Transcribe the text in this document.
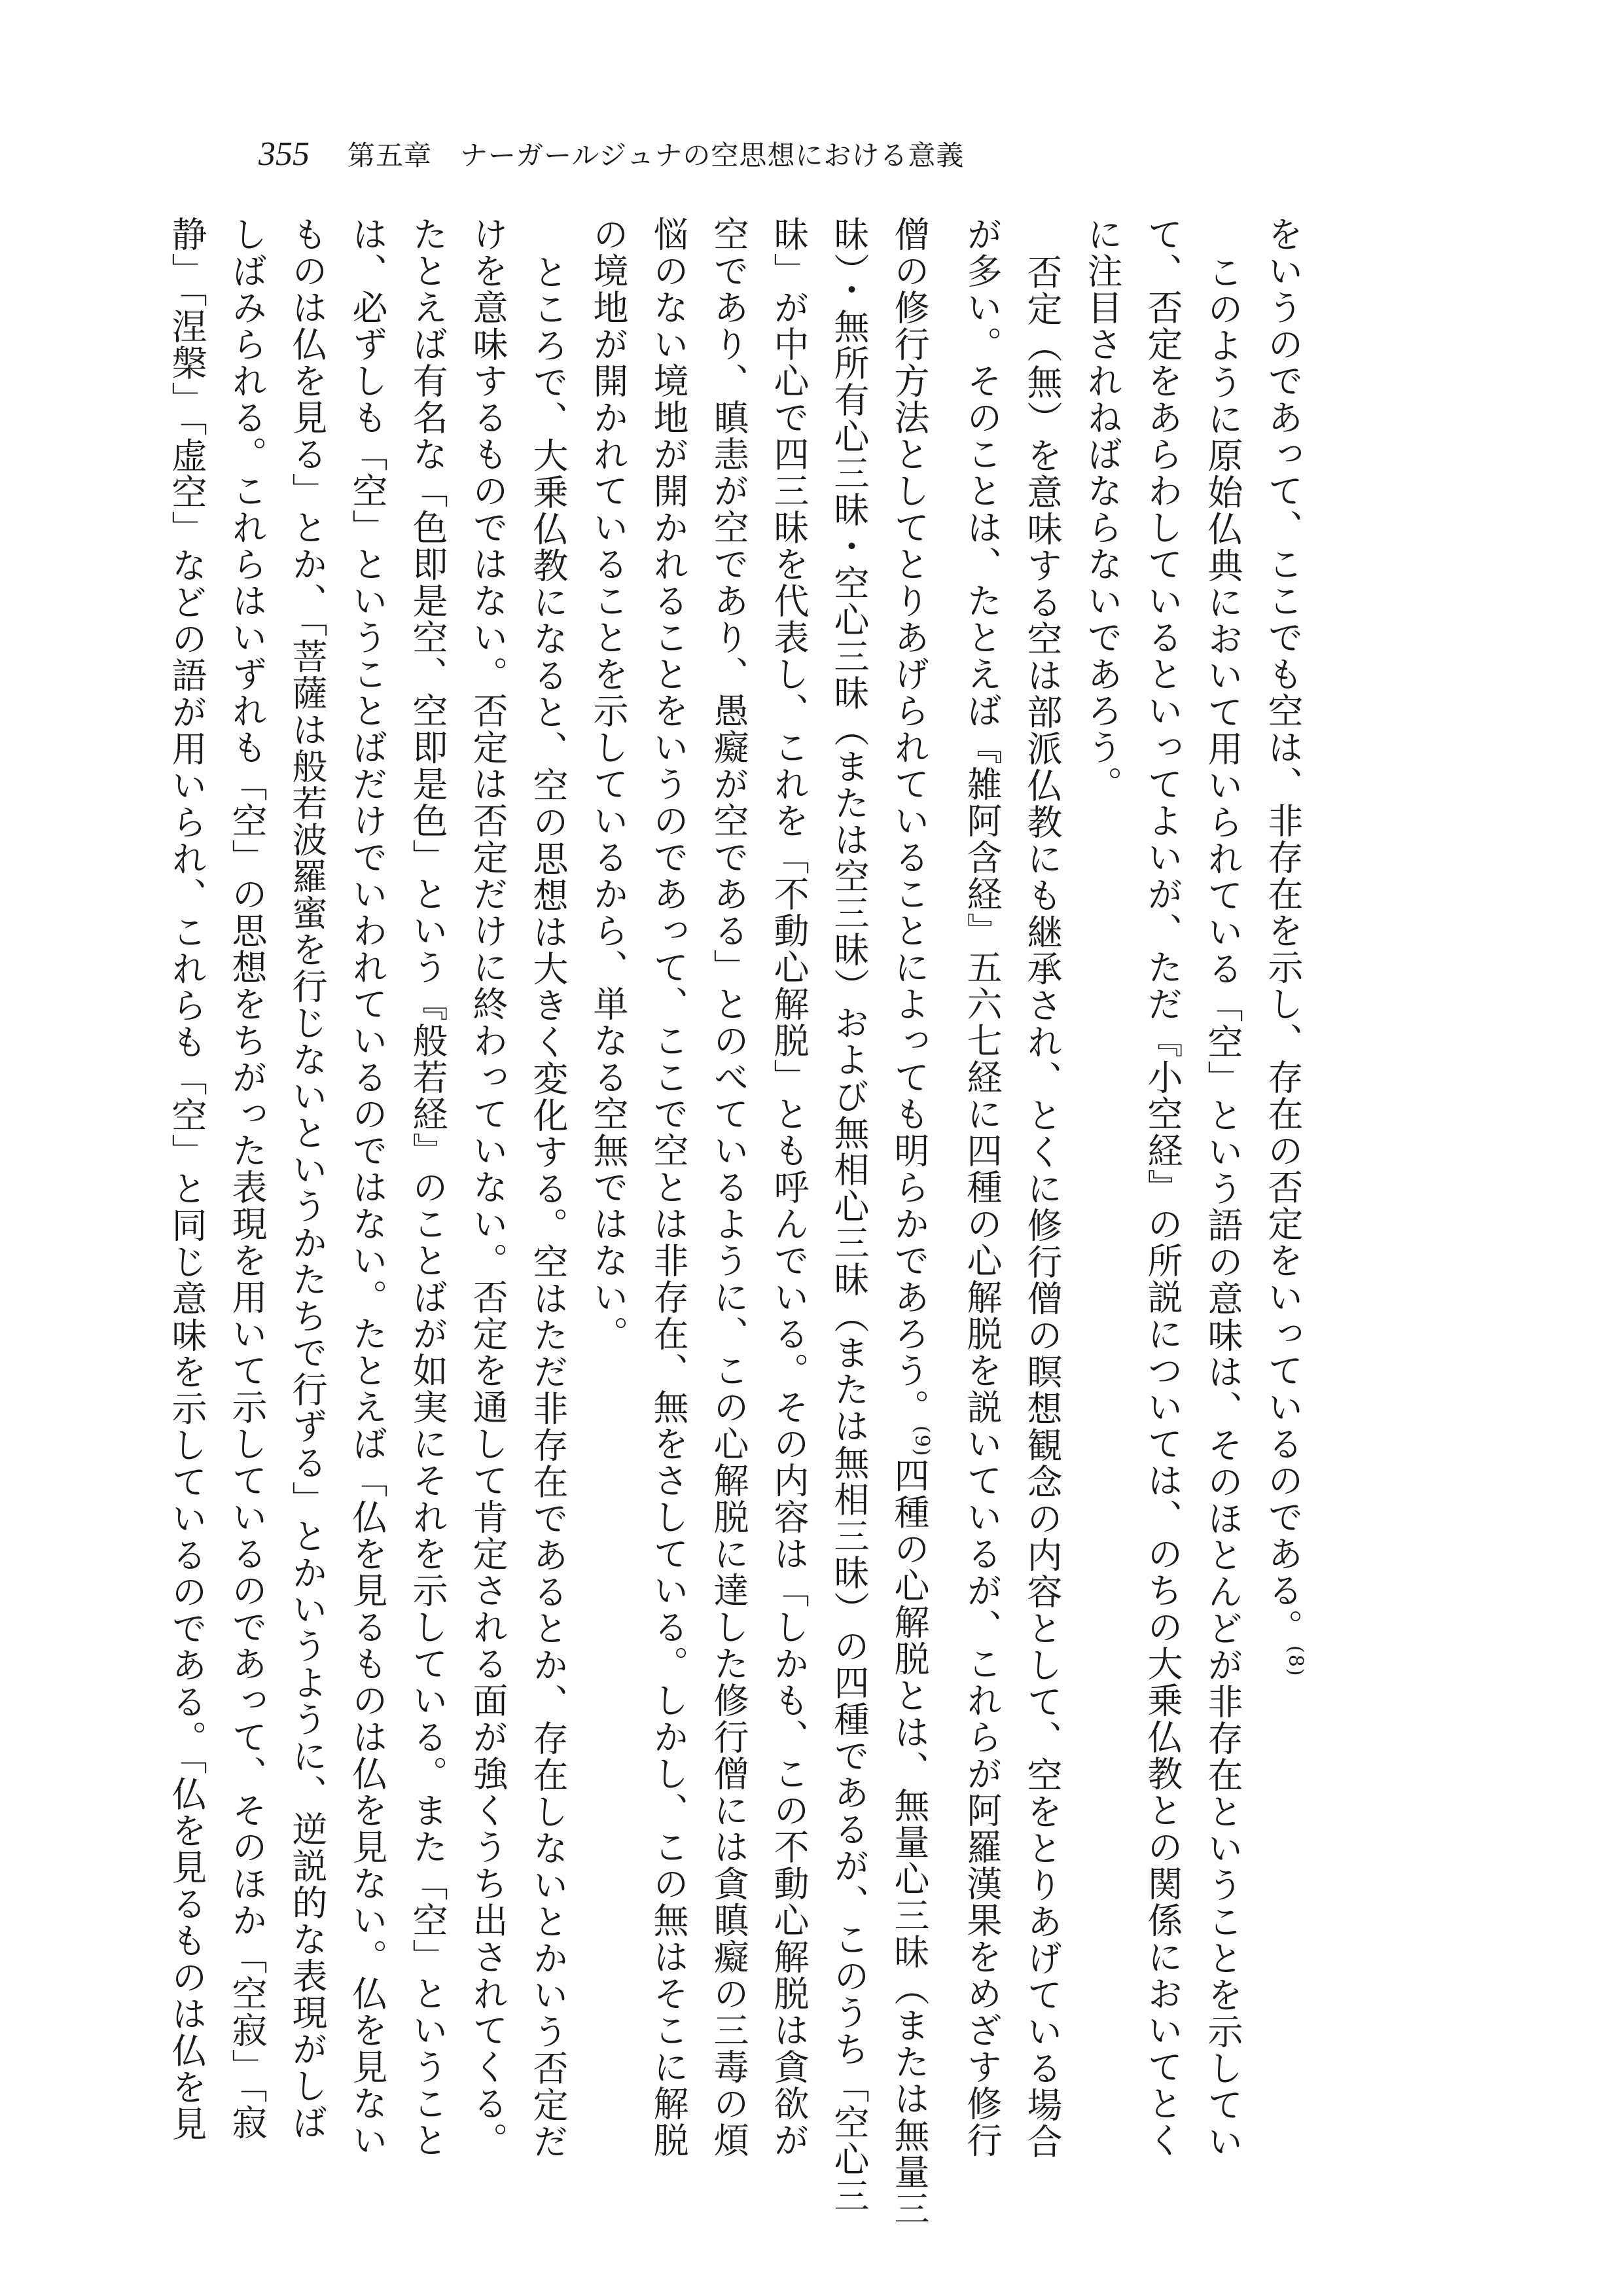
355 第五章　ナーガールジュナの空思想における意義
をいうのであって、ここでも空は、非存在を示し、存在の否定をいっているのである。$^{(8)}$
このように原始仏典において用いられている「空」という語の意味は、そのほとんどが非存在ということを示してい
て、否定をあらわしているといってよいが、ただ『小空経』の所説については、のちの大乗仏教との関係においてとく
に注目されねばならないであろう。
否定（無）を意味する空は部派仏教にも継承され、とくに修行僧の瞑想観念の内容として、空をとりあげている場合
が多い。そのことは、たとえば『雑阿含経』五六七経に四種の心解脱を説いているが、これらが阿羅漢果をめざす修行
僧の修行方法としてとりあげられていることによっても明らかであろう。$^{(9)}$四種の心解脱とは、無量心三昧（または無量三
昧）・無所有心三昧・空心三昧（または空三昧）および無相心三昧（または無相三昧）の四種であるが、このうち「空心三
昧」が中心で四三昧を代表し、これを「不動心解脱」とも呼んでいる。その内容は「しかも、この不動心解脱は貪欲が
空であり、瞋恚が空であり、愚癡が空である」とのべているように、この心解脱に達した修行僧には貪瞋癡の三毒の煩
悩のない境地が開かれることをいうのであって、ここで空とは非存在、無をさしている。しかし、この無はそこに解脱
の境地が開かれていることを示しているから、単なる空無ではない。
ところで、大乗仏教になると、空の思想は大きく変化する。空はただ非存在であるとか、存在しないとかいう否定だ
けを意味するものではない。否定は否定だけに終わっていない。否定を通して肯定される面が強くうち出されてくる。
たとえば有名な「色即是空、空即是色」という『般若経』のことばが如実にそれを示している。また「空」ということ
は、必ずしも「空」ということばだけでいわれているのではない。たとえば「仏を見るものは仏を見ない。仏を見ない
ものは仏を見る」とか、「菩薩は般若波羅蜜を行じないというかたちで行ずる」とかいうように、逆説的な表現がしば
しばみられる。これらはいずれも「空」の思想をちがった表現を用いて示しているのであって、そのほか「空寂」「寂
静」「涅槃」「虚空」などの語が用いられ、これらも「空」と同じ意味を示しているのである。「仏を見るものは仏を見
